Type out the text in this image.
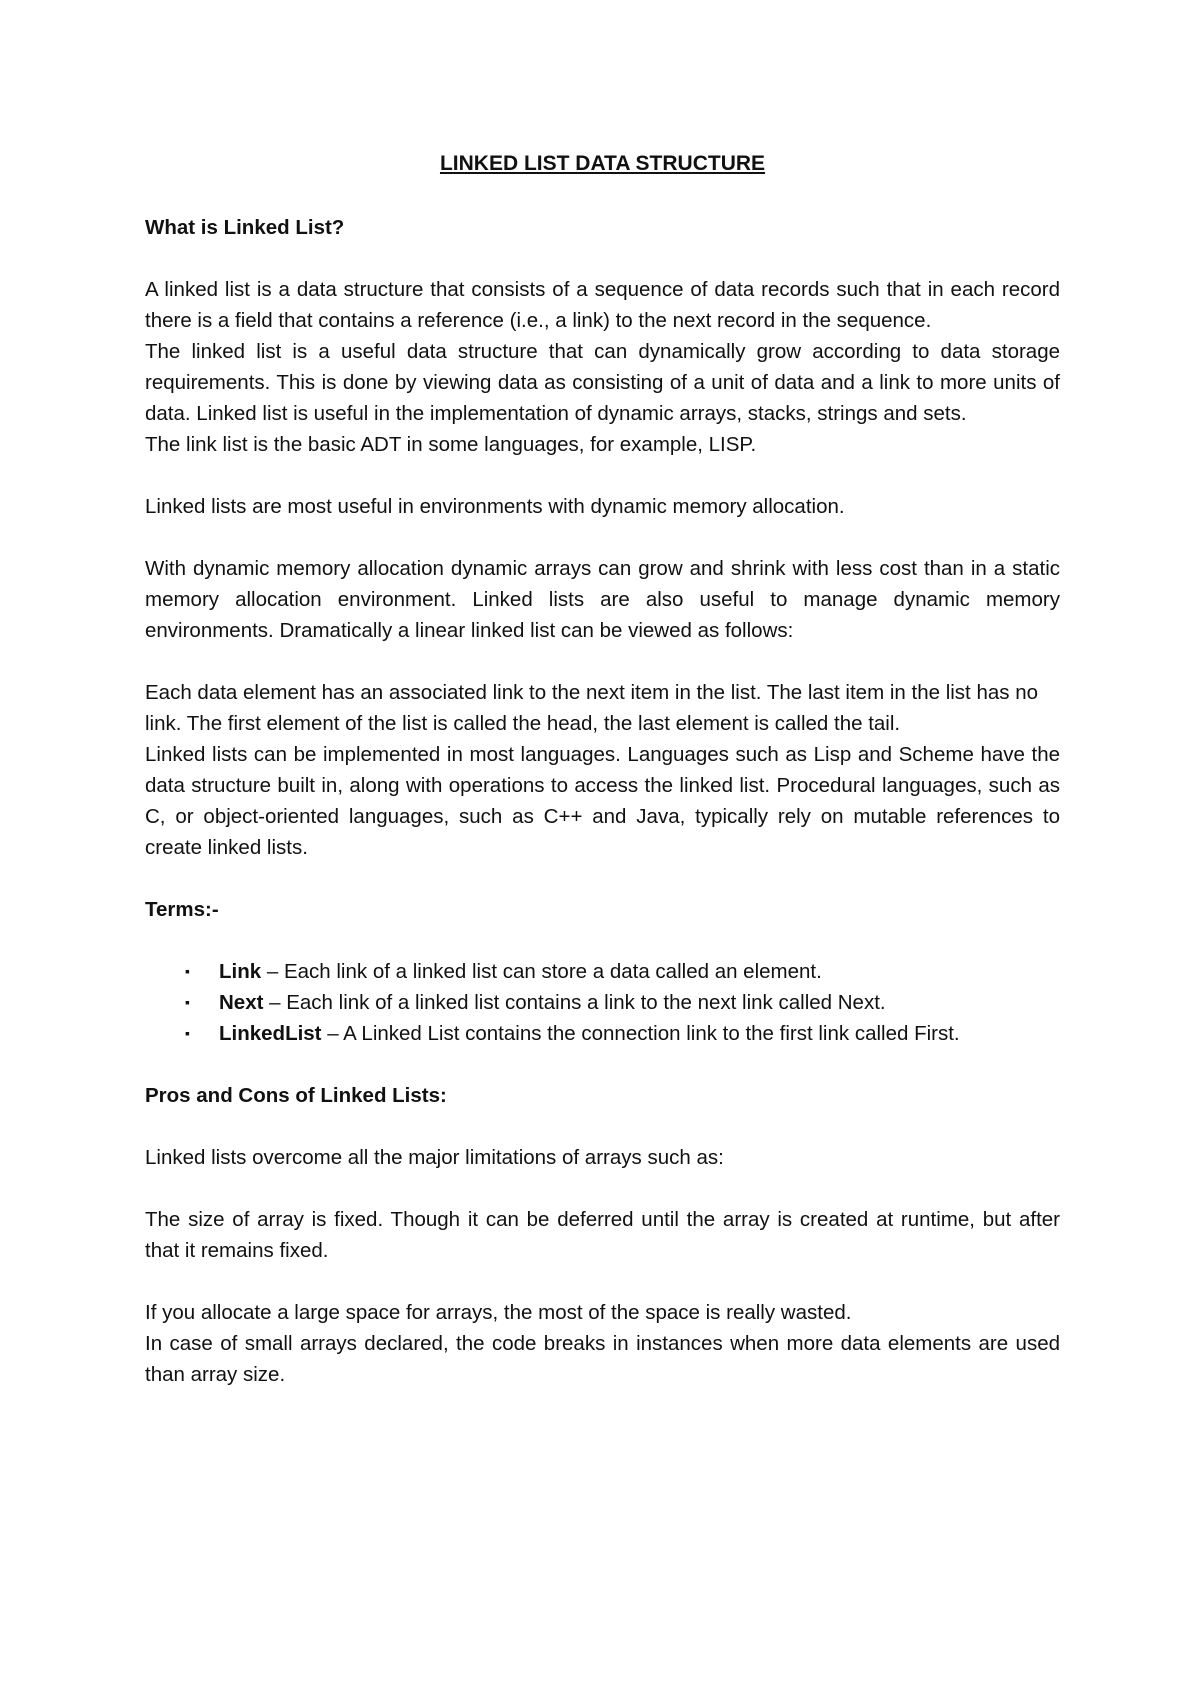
LINKED LIST DATA STRUCTURE

What is Linked List?

A linked list is a data structure that consists of a sequence of data records such that in each record there is a field that contains a reference (i.e., a link) to the next record in the sequence.

The linked list is a useful data structure that can dynamically grow according to data storage requirements. This is done by viewing data as consisting of a unit of data and a link to more units of data. Linked list is useful in the implementation of dynamic arrays, stacks, strings and sets.

The link list is the basic ADT in some languages, for example, LISP.

Linked lists are most useful in environments with dynamic memory allocation.

With dynamic memory allocation dynamic arrays can grow and shrink with less cost than in a static memory allocation environment. Linked lists are also useful to manage dynamic memory environments. Dramatically a linear linked list can be viewed as follows:

Each data element has an associated link to the next item in the list. The last item in the list has no link. The first element of the list is called the head, the last element is called the tail.

Linked lists can be implemented in most languages. Languages such as Lisp and Scheme have the data structure built in, along with operations to access the linked list. Procedural languages, such as C, or object-oriented languages, such as C++ and Java, typically rely on mutable references to create linked lists.

Terms:-

▪ Link – Each link of a linked list can store a data called an element.
▪ Next – Each link of a linked list contains a link to the next link called Next.
▪ LinkedList – A Linked List contains the connection link to the first link called First.

Pros and Cons of Linked Lists:

Linked lists overcome all the major limitations of arrays such as:

The size of array is fixed. Though it can be deferred until the array is created at runtime, but after that it remains fixed.

If you allocate a large space for arrays, the most of the space is really wasted.

In case of small arrays declared, the code breaks in instances when more data elements are used than array size.
